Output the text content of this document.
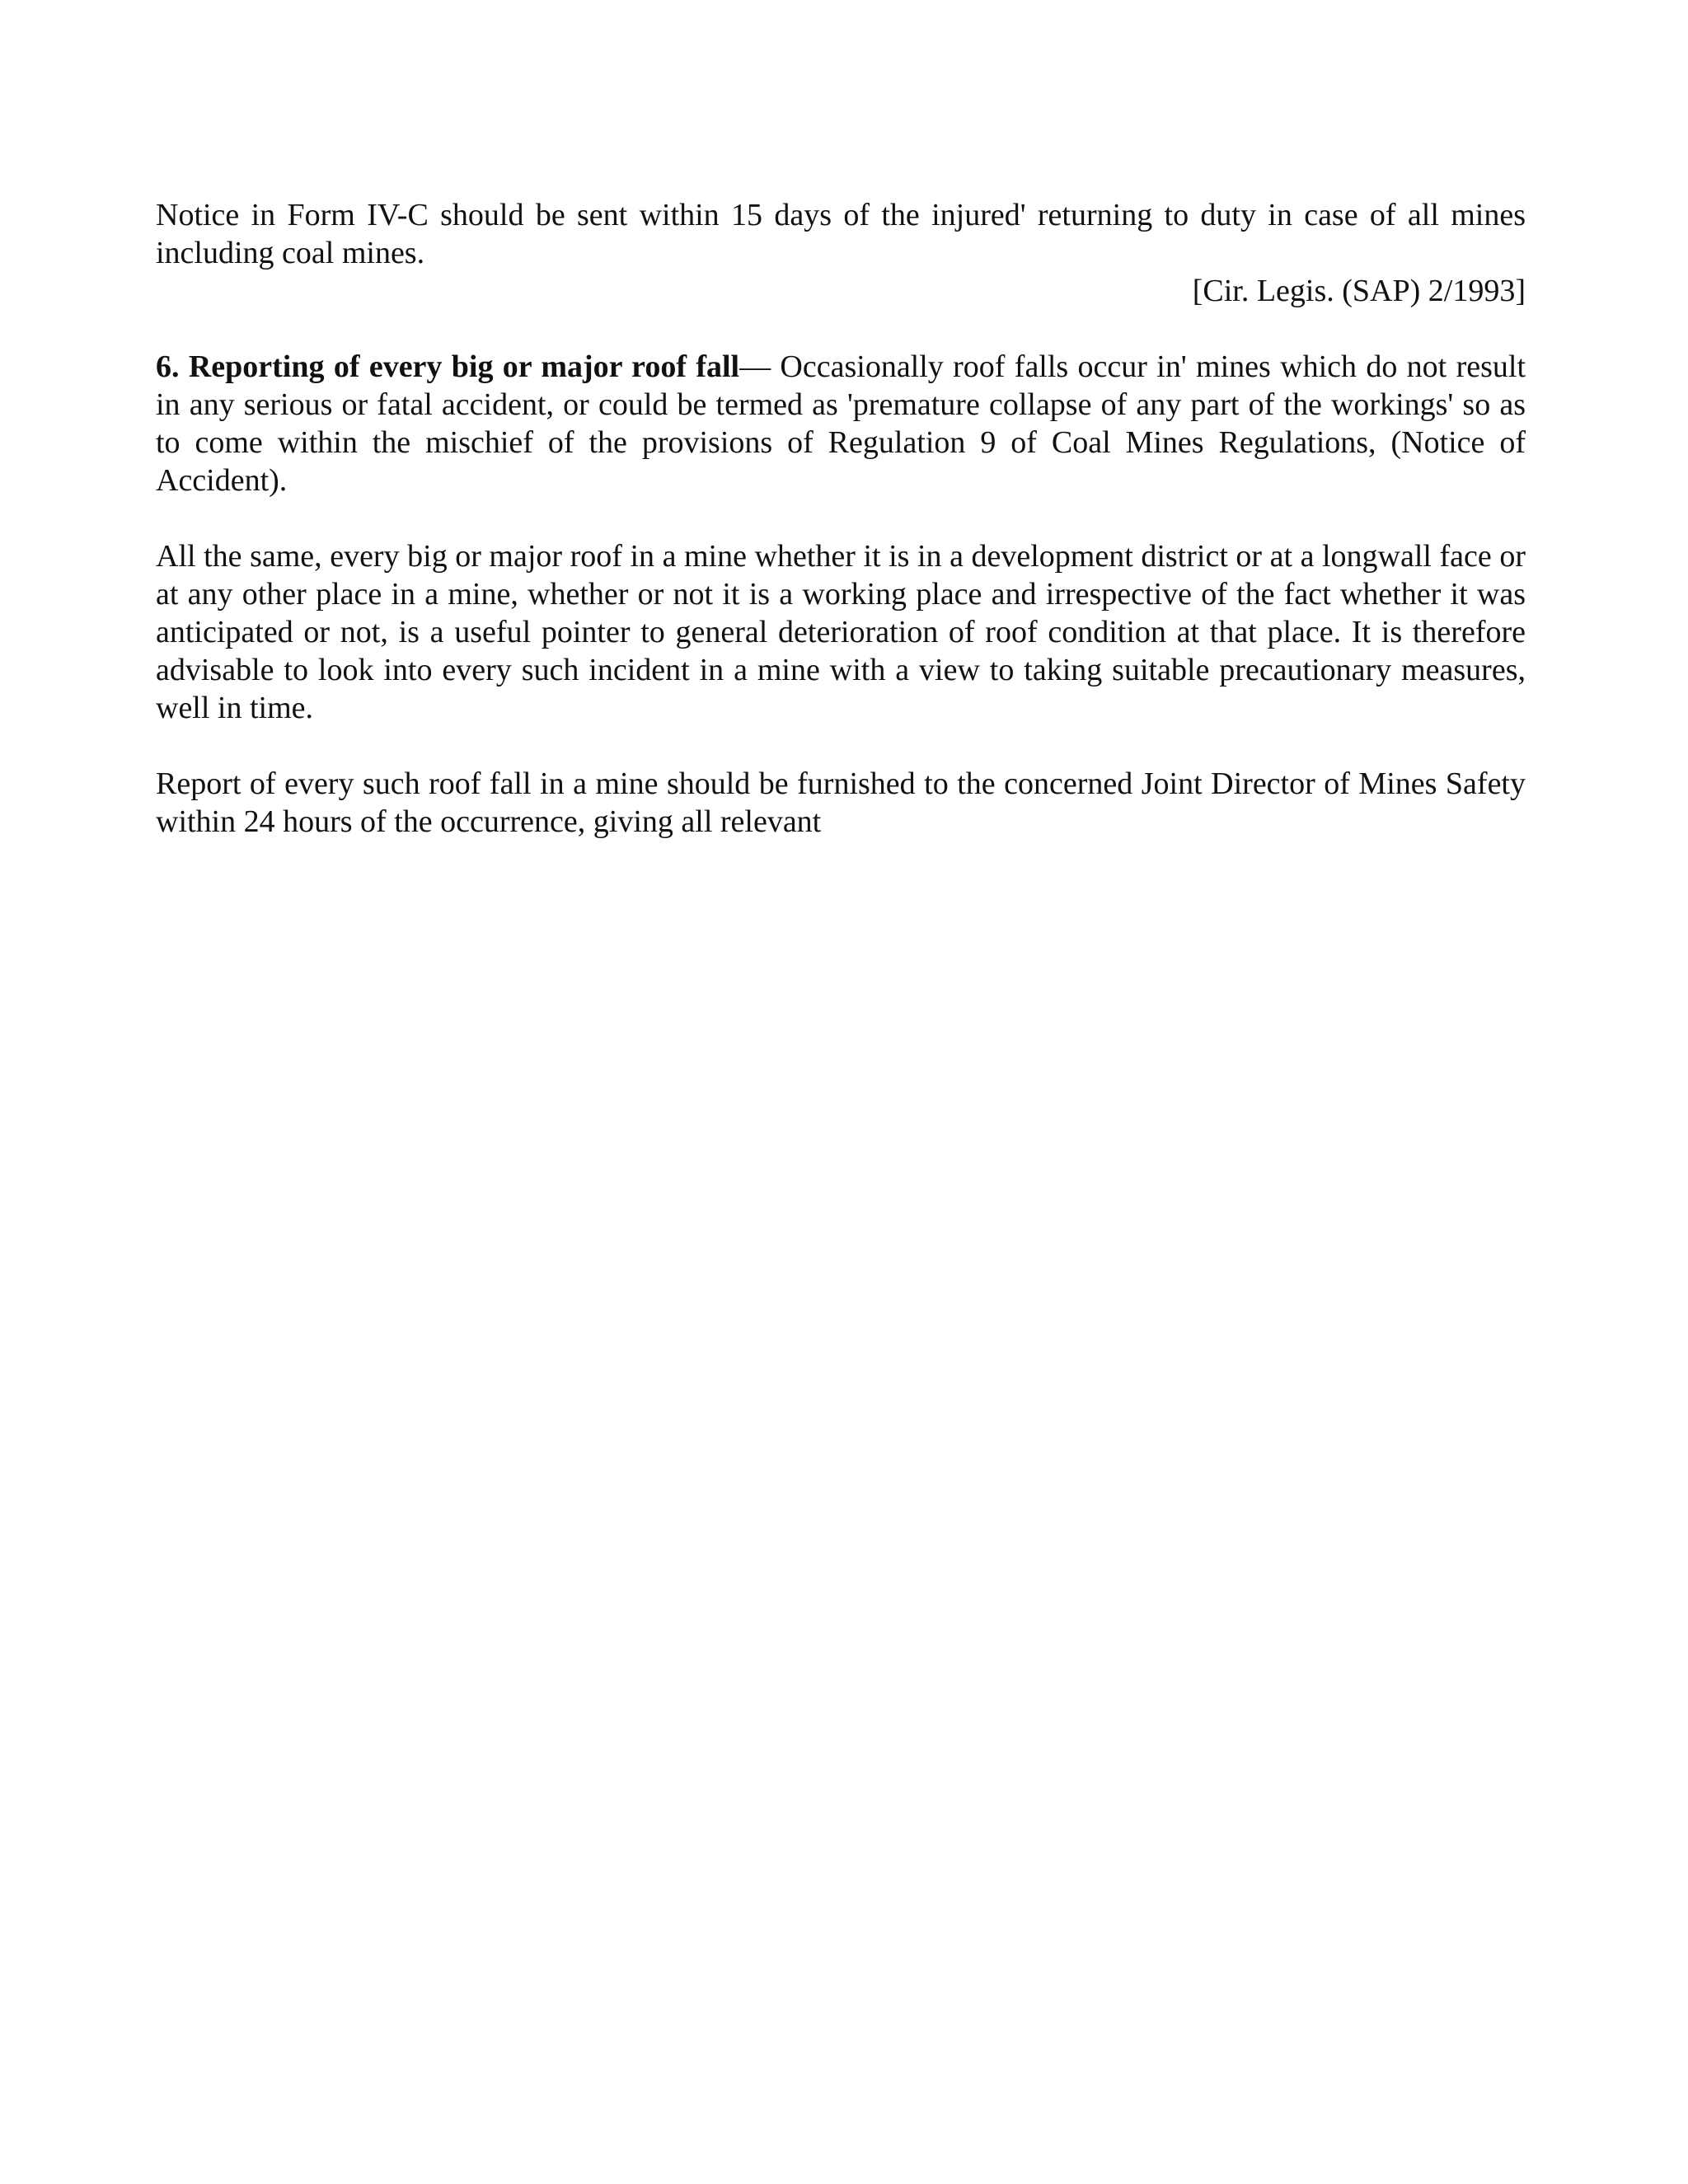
Notice in Form IV-C should be sent within 15 days of the injured' returning to duty in case of all mines including coal mines.

[Cir. Legis. (SAP) 2/1993]

6. Reporting of every big or major roof fall— Occasionally roof falls occur in' mines which do not result in any serious or fatal accident, or could be termed as 'premature collapse of any part of the workings' so as to come within the mischief of the provisions of Regulation 9 of Coal Mines Regulations, (Notice of Accident).

All the same, every big or major roof in a mine whether it is in a development district or at a longwall face or at any other place in a mine, whether or not it is a working place and irrespective of the fact whether it was anticipated or not, is a useful pointer to general deterioration of roof condition at that place. It is therefore advisable to look into every such incident in a mine with a view to taking suitable precautionary measures, well in time.

Report of every such roof fall in a mine should be furnished to the concerned Joint Director of Mines Safety within 24 hours of the occurrence, giving all relevant
